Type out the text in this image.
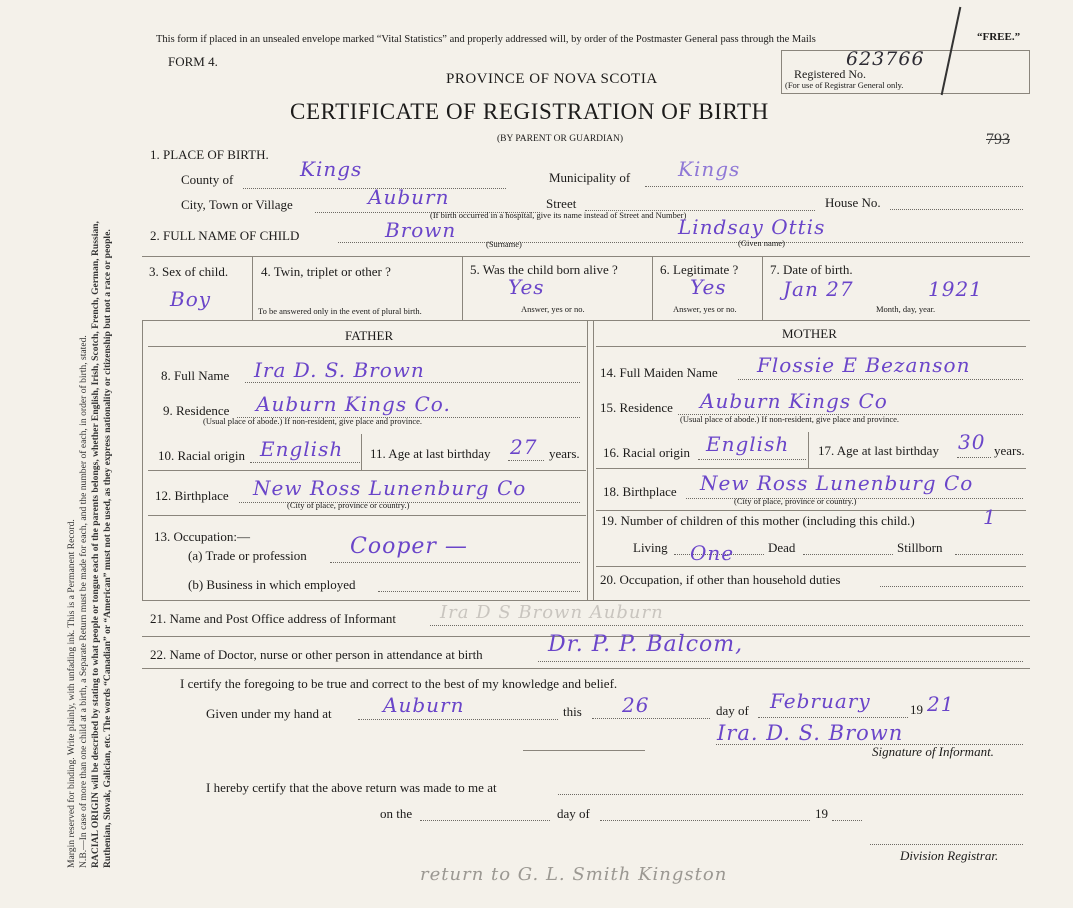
Margin reserved for binding. Write plainly, with unfading ink. This is a Permanent Record. N.B.—In case of more than one child at a birth, a Separate Return must be made for each, and the number of each, in order of birth, stated. RACIAL ORIGIN will be described by stating to what people or tongue each of the parents belongs, whether English, Irish, Scotch, French, German, Russian, Ruthenian, Slovak, Galician, etc. The words “Canadian” or “American” must not be used, as they express nationality or citizenship but not a race or people.
This form if placed in an unsealed envelope marked “Vital Statistics” and properly addressed will, by order of the Postmaster General pass through the Mails	“FREE.”
FORM 4.
PROVINCE OF NOVA SCOTIA
CERTIFICATE OF REGISTRATION OF BIRTH
(BY PARENT OR GUARDIAN)
Registered No.
623766
(For use of Registrar General only.
793
1. PLACE OF BIRTH.
County of	Kings	Municipality of Kings
City, Town or Village	Auburn	Street	House No.
(If birth occurred in a hospital, give its name instead of Street and Number)
2. FULL NAME OF CHILD	Brown
(Surname)
Lindsay Ottis
(Given name)
3. Sex of child.
Boy
4. Twin, triplet or other ?
To be answered only in the event of plural birth.
5. Was the child born alive ?
Yes
Answer, yes or no.
6. Legitimate ?
Yes
Answer, yes or no.
7. Date of birth.
Jan 27	1921
Month, day, year.
FATHER
8. Full Name Ira D. S. Brown
9. Residence Auburn Kings Co.
(Usual place of abode.) If non-resident, give place and province.
10. Racial origin English 11. Age at last birthday 27 years.
12. Birthplace New Ross Lunenburg Co
(City of place, province or country.)
13. Occupation:—
(a) Trade or profession Cooper —
(b) Business in which employed
MOTHER
14. Full Maiden Name Flossie E Bezanson
15. Residence Auburn Kings Co
(Usual place of abode.) If non-resident, give place and province.
16. Racial origin English 17. Age at last birthday 30 years.
18. Birthplace New Ross Lunenburg Co
(City of place, province or country.)
19. Number of children of this mother (including this child.)	1
Living One	Dead	Stillborn
20. Occupation, if other than household duties
21. Name and Post Office address of Informant Ira D S Brown Auburn
22. Name of Doctor, nurse or other person in attendance at birth	Dr. P. P. Balcom,
I certify the foregoing to be true and correct to the best of my knowledge and belief.
Given under my hand at	Auburn	this 26	day of February	19 21
Ira. D. S. Brown
Signature of Informant.
I hereby certify that the above return was made to me at
on the	day of	19
Division Registrar.
return to G. L. Smith Kingston
